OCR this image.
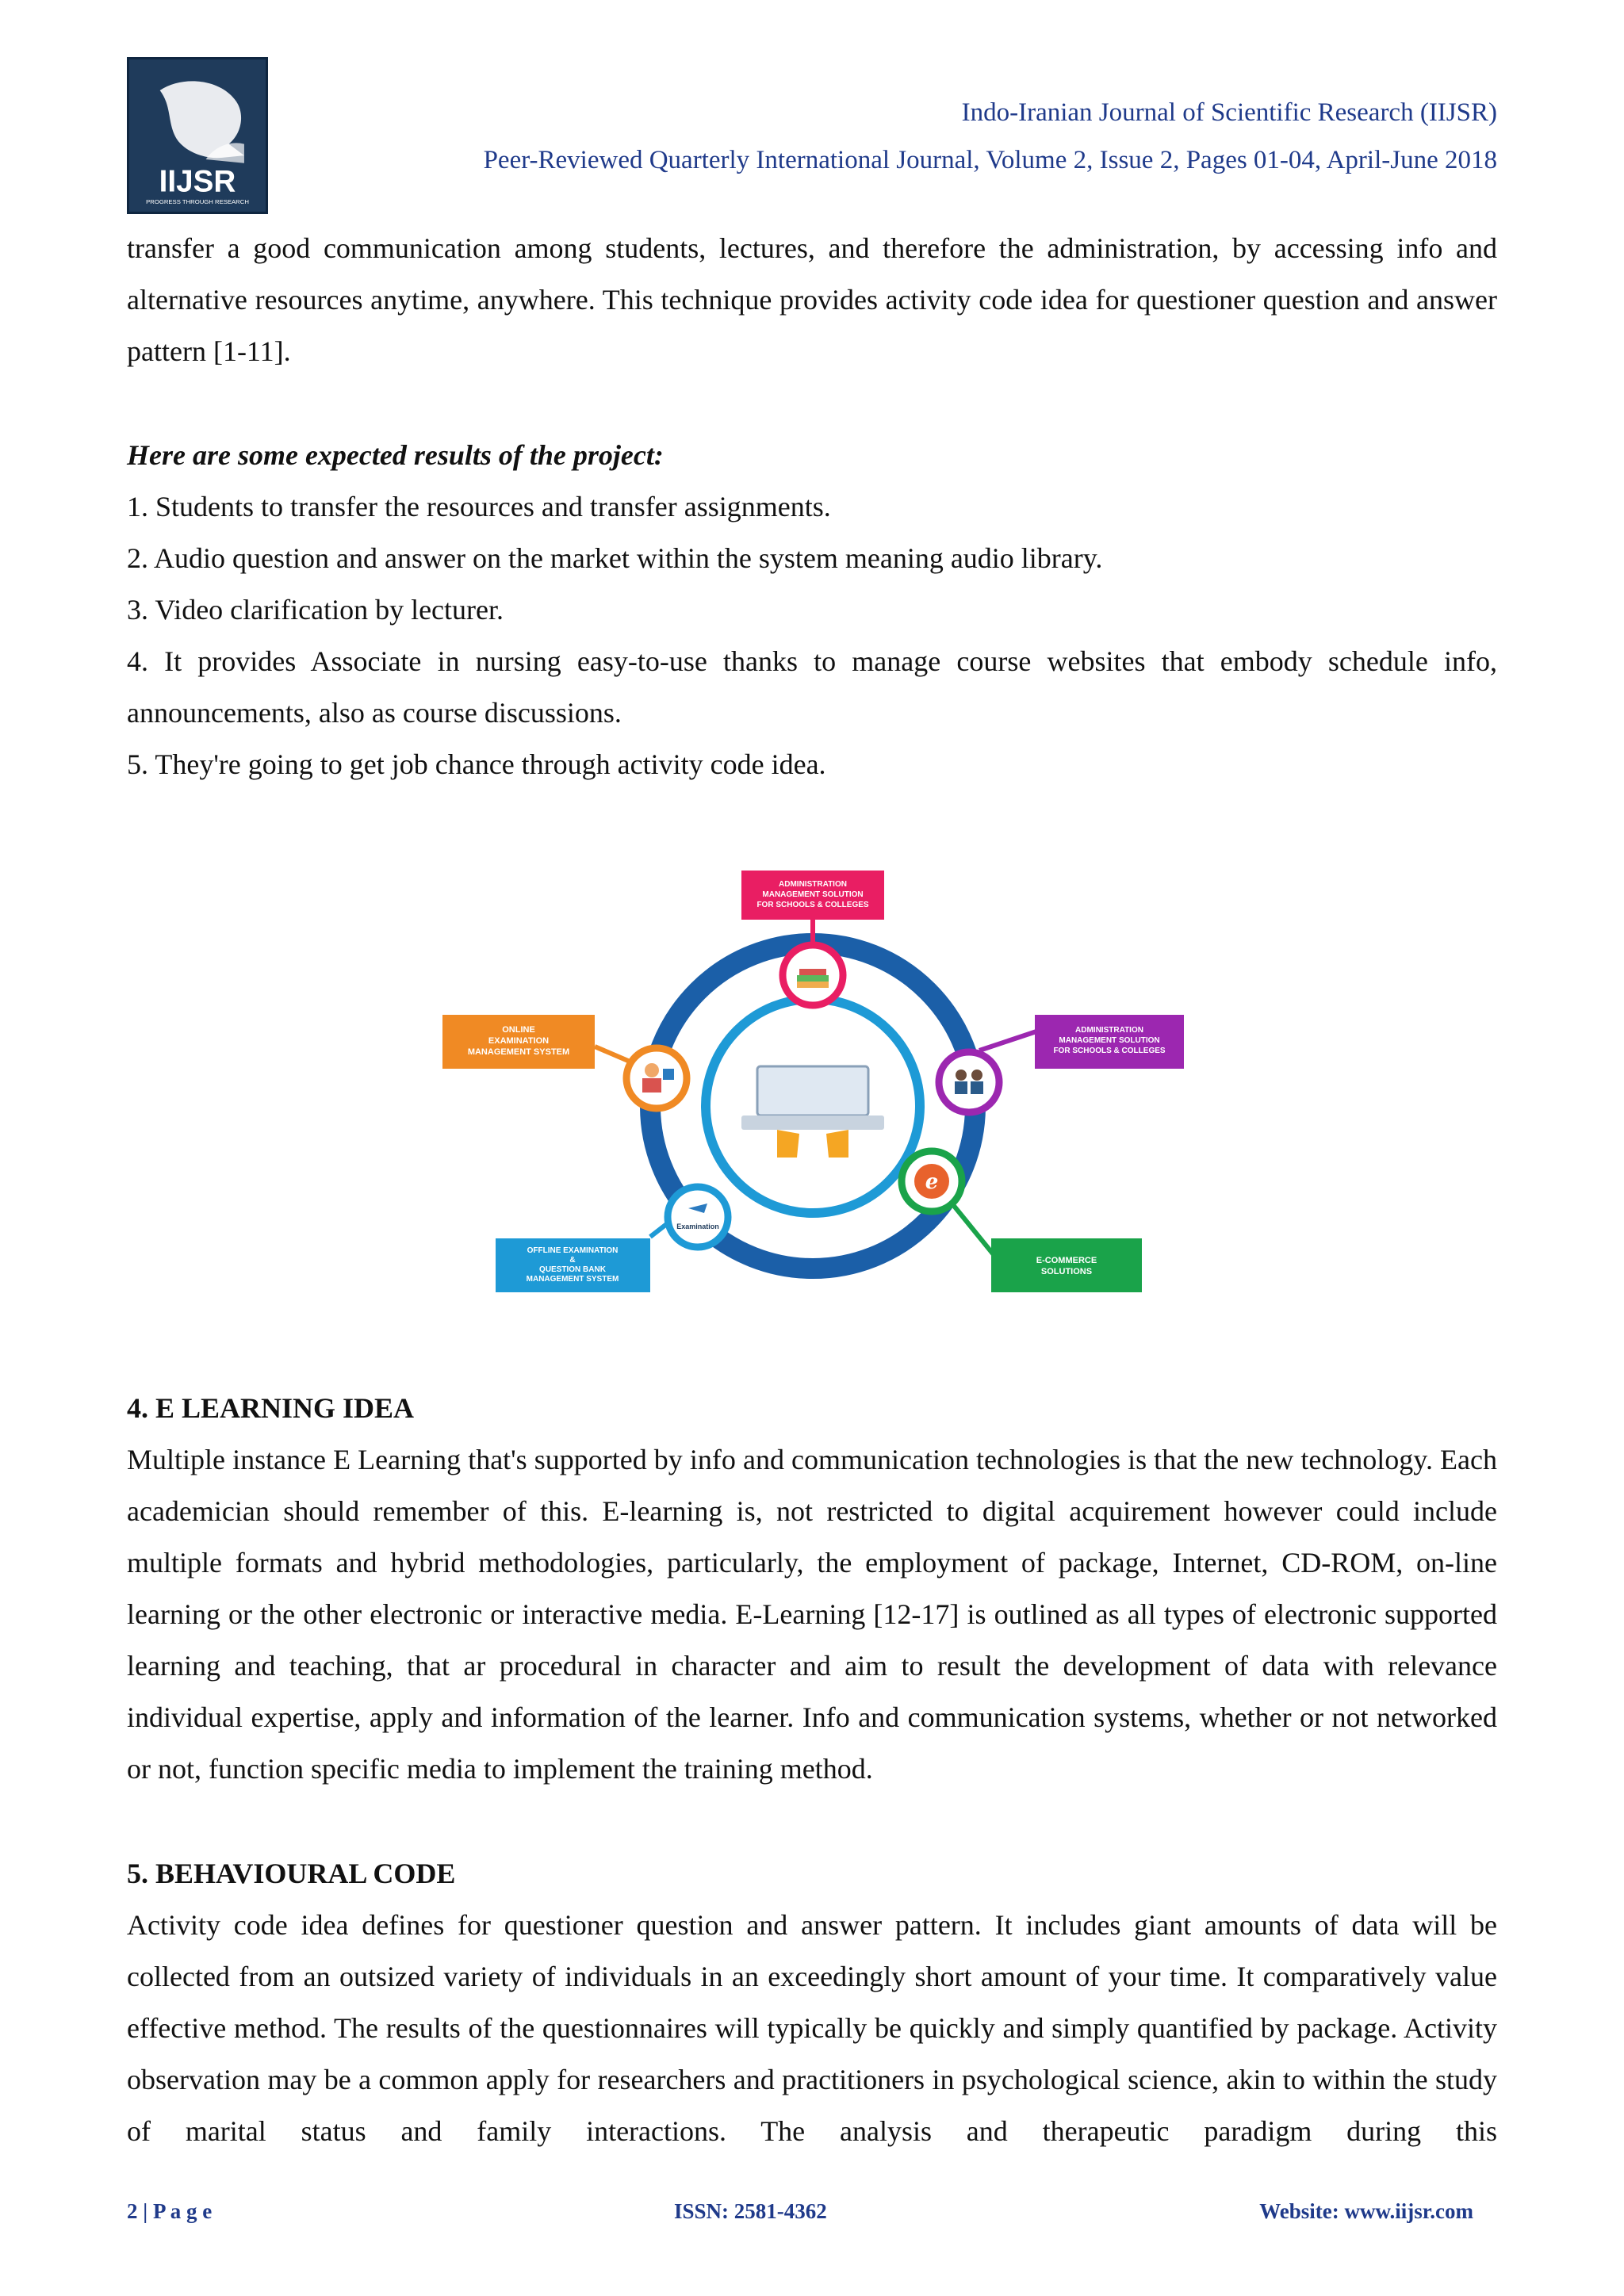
IIJSR
PROGRESS THROUGH RESEARCH
Indo-Iranian Journal of Scientific Research (IIJSR)
Peer-Reviewed Quarterly International Journal, Volume 2, Issue 2, Pages 01-04, April-June 2018

transfer a good communication among students, lectures, and therefore the administration, by accessing info and alternative resources anytime, anywhere. This technique provides activity code idea for questioner question and answer pattern [1-11].

Here are some expected results of the project:

1. Students to transfer the resources and transfer assignments.

2. Audio question and answer on the market within the system meaning audio library.

3. Video clarification by lecturer.

4. It provides Associate in nursing easy-to-use thanks to manage course websites that embody schedule info, announcements, also as course discussions.

5. They're going to get job chance through activity code idea.

ADMINISTRATION
MANAGEMENT SOLUTION
FOR SCHOOLS & COLLEGES
ADMINISTRATION
MANAGEMENT SOLUTION
FOR SCHOOLS & COLLEGES
ONLINE
EXAMINATION
MANAGEMENT SYSTEM
Examination
OFFLINE EXAMINATION
&
QUESTION BANK
MANAGEMENT SYSTEM
e
E-COMMERCE
SOLUTIONS

4. E LEARNING IDEA

Multiple instance E Learning that's supported by info and communication technologies is that the new technology. Each academician should remember of this. E-learning is, not restricted to digital acquirement however could include multiple formats and hybrid methodologies, particularly, the employment of package, Internet, CD-ROM, on-line learning or the other electronic or interactive media. E-Learning [12-17] is outlined as all types of electronic supported learning and teaching, that ar procedural in character and aim to result the development of data with relevance individual expertise, apply and information of the learner. Info and communication systems, whether or not networked or not, function specific media to implement the training method.

5. BEHAVIOURAL CODE

Activity code idea defines for questioner question and answer pattern. It includes giant amounts of data will be collected from an outsized variety of individuals in an exceedingly short amount of your time. It comparatively value effective method. The results of the questionnaires will typically be quickly and simply quantified by package. Activity observation may be a common apply for researchers and practitioners in psychological science, akin to within the study of marital status and family interactions. The analysis and therapeutic paradigm during this

2 | P a g e	ISSN: 2581-4362	Website: www.iijsr.com
